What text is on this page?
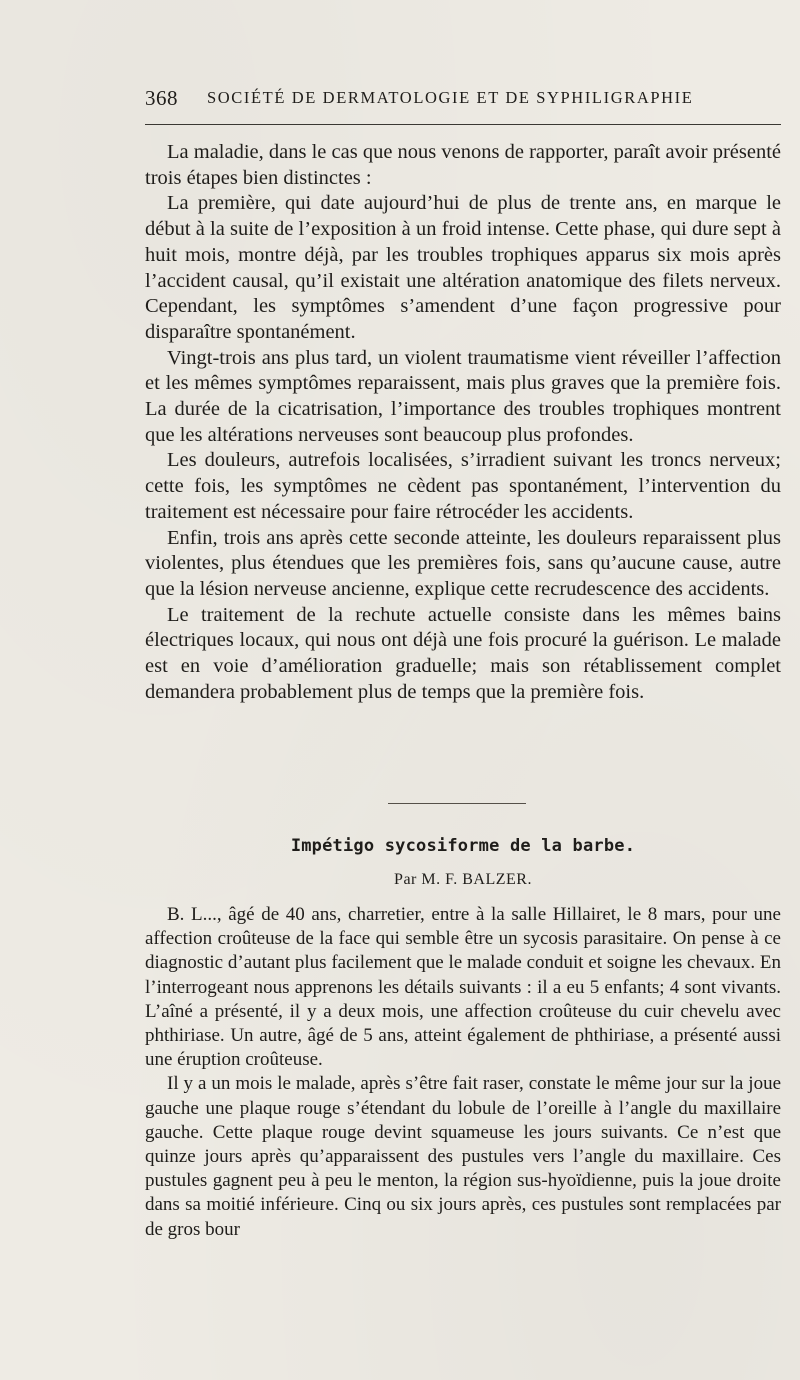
368 SOCIÉTÉ DE DERMATOLOGIE ET DE SYPHILIGRAPHIE

La maladie, dans le cas que nous venons de rapporter, paraît avoir présenté trois étapes bien distinctes :

La première, qui date aujourd’hui de plus de trente ans, en marque le début à la suite de l’exposition à un froid intense. Cette phase, qui dure sept à huit mois, montre déjà, par les troubles trophiques apparus six mois après l’accident causal, qu’il existait une altération anatomique des filets nerveux. Cependant, les symptômes s’amendent d’une façon progressive pour disparaître spontanément.

Vingt-trois ans plus tard, un violent traumatisme vient réveiller l’affection et les mêmes symptômes reparaissent, mais plus graves que la première fois. La durée de la cicatrisation, l’importance des troubles trophiques montrent que les altérations nerveuses sont beaucoup plus profondes.

Les douleurs, autrefois localisées, s’irradient suivant les troncs nerveux; cette fois, les symptômes ne cèdent pas spontanément, l’intervention du traitement est nécessaire pour faire rétrocéder les accidents.

Enfin, trois ans après cette seconde atteinte, les douleurs reparaissent plus violentes, plus étendues que les premières fois, sans qu’aucune cause, autre que la lésion nerveuse ancienne, explique cette recrudescence des accidents.

Le traitement de la rechute actuelle consiste dans les mêmes bains électriques locaux, qui nous ont déjà une fois procuré la guérison. Le malade est en voie d’amélioration graduelle; mais son rétablissement complet demandera probablement plus de temps que la première fois.

Impétigo sycosiforme de la barbe.
Par M. F. BALZER.

B. L..., âgé de 40 ans, charretier, entre à la salle Hillairet, le 8 mars, pour une affection croûteuse de la face qui semble être un sycosis parasitaire. On pense à ce diagnostic d’autant plus facilement que le malade conduit et soigne les chevaux. En l’interrogeant nous apprenons les détails suivants : il a eu 5 enfants; 4 sont vivants. L’aîné a présenté, il y a deux mois, une affection croûteuse du cuir chevelu avec phthiriase. Un autre, âgé de 5 ans, atteint également de phthiriase, a présenté aussi une éruption croûteuse.

Il y a un mois le malade, après s’être fait raser, constate le même jour sur la joue gauche une plaque rouge s’étendant du lobule de l’oreille à l’angle du maxillaire gauche. Cette plaque rouge devint squameuse les jours suivants. Ce n’est que quinze jours après qu’apparaissent des pustules vers l’angle du maxillaire. Ces pustules gagnent peu à peu le menton, la région sus-hyoïdienne, puis la joue droite dans sa moitié inférieure. Cinq ou six jours après, ces pustules sont remplacées par de gros bour
